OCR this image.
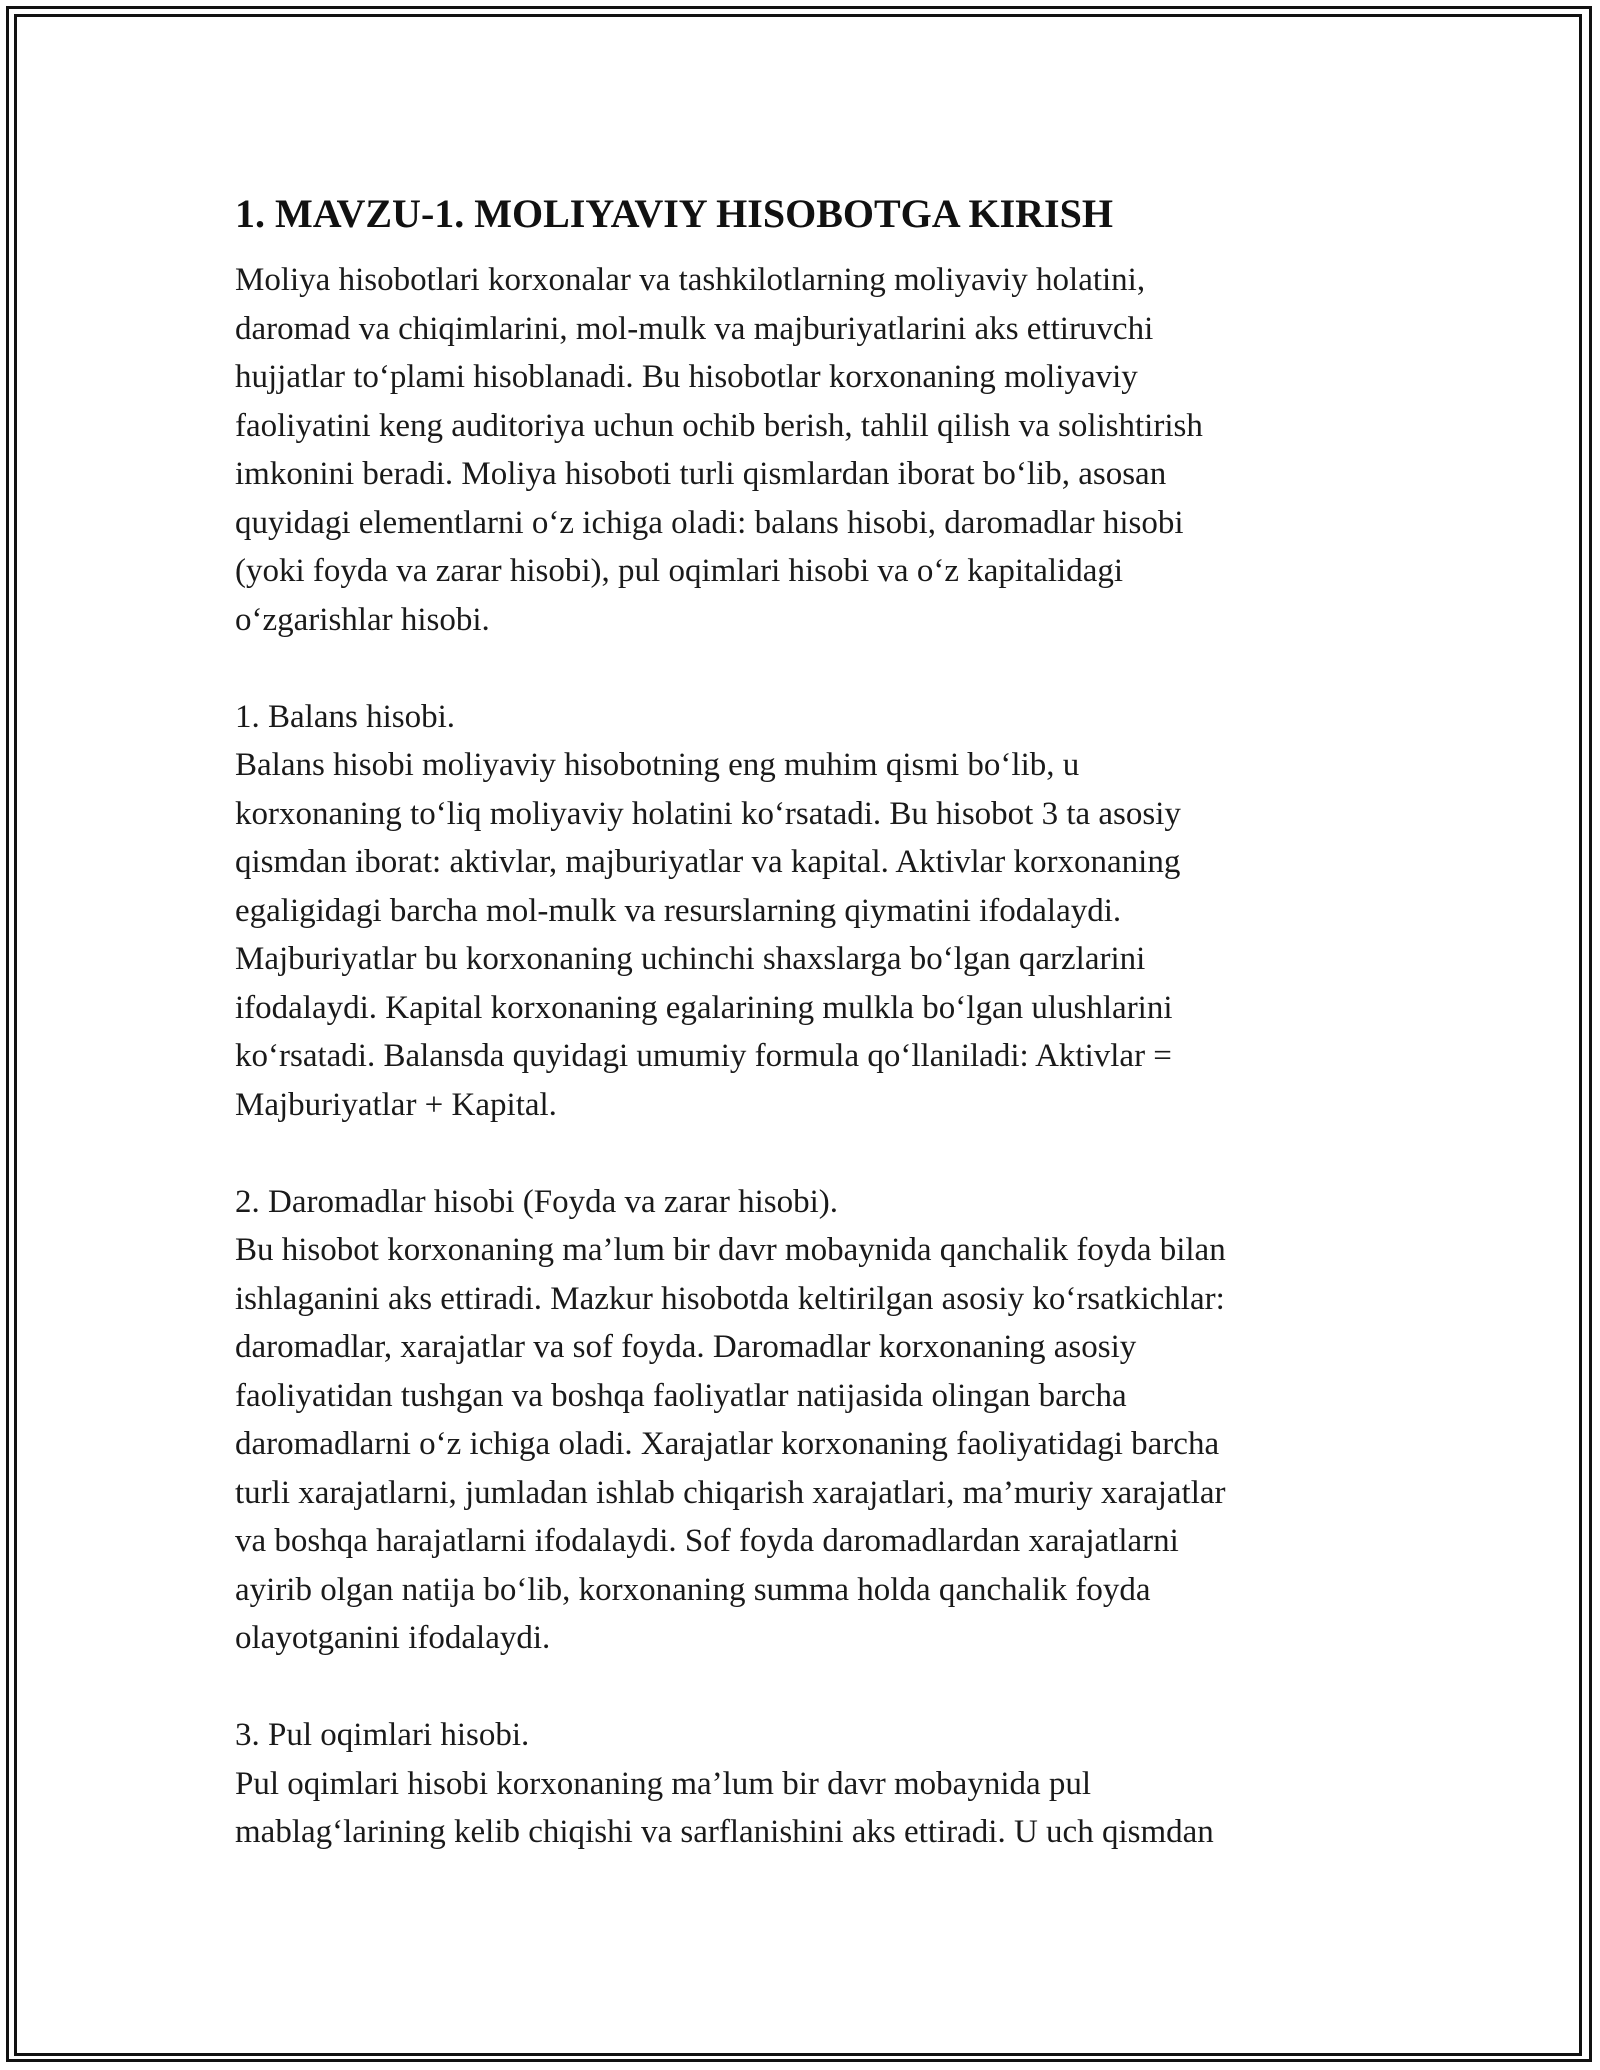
1. MAVZU-1. MOLIYAVIY HISOBOTGA KIRISH

Moliya hisobotlari korxonalar va tashkilotlarning moliyaviy holatini,
daromad va chiqimlarini, mol-mulk va majburiyatlarini aks ettiruvchi
hujjatlar to‘plami hisoblanadi. Bu hisobotlar korxonaning moliyaviy
faoliyatini keng auditoriya uchun ochib berish, tahlil qilish va solishtirish
imkonini beradi. Moliya hisoboti turli qismlardan iborat bo‘lib, asosan
quyidagi elementlarni o‘z ichiga oladi: balans hisobi, daromadlar hisobi
(yoki foyda va zarar hisobi), pul oqimlari hisobi va o‘z kapitalidagi
o‘zgarishlar hisobi.

1. Balans hisobi.
Balans hisobi moliyaviy hisobotning eng muhim qismi bo‘lib, u
korxonaning to‘liq moliyaviy holatini ko‘rsatadi. Bu hisobot 3 ta asosiy
qismdan iborat: aktivlar, majburiyatlar va kapital. Aktivlar korxonaning
egaligidagi barcha mol-mulk va resurslarning qiymatini ifodalaydi.
Majburiyatlar bu korxonaning uchinchi shaxslarga bo‘lgan qarzlarini
ifodalaydi. Kapital korxonaning egalarining mulkla bo‘lgan ulushlarini
ko‘rsatadi. Balansda quyidagi umumiy formula qo‘llaniladi: Aktivlar =
Majburiyatlar + Kapital.
2. Daromadlar hisobi (Foyda va zarar hisobi).
Bu hisobot korxonaning ma’lum bir davr mobaynida qanchalik foyda bilan
ishlaganini aks ettiradi. Mazkur hisobotda keltirilgan asosiy ko‘rsatkichlar:
daromadlar, xarajatlar va sof foyda. Daromadlar korxonaning asosiy
faoliyatidan tushgan va boshqa faoliyatlar natijasida olingan barcha
daromadlarni o‘z ichiga oladi. Xarajatlar korxonaning faoliyatidagi barcha
turli xarajatlarni, jumladan ishlab chiqarish xarajatlari, ma’muriy xarajatlar
va boshqa harajatlarni ifodalaydi. Sof foyda daromadlardan xarajatlarni
ayirib olgan natija bo‘lib, korxonaning summa holda qanchalik foyda
olayotganini ifodalaydi.
3. Pul oqimlari hisobi.
Pul oqimlari hisobi korxonaning ma’lum bir davr mobaynida pul
mablag‘larining kelib chiqishi va sarflanishini aks ettiradi. U uch qismdan
